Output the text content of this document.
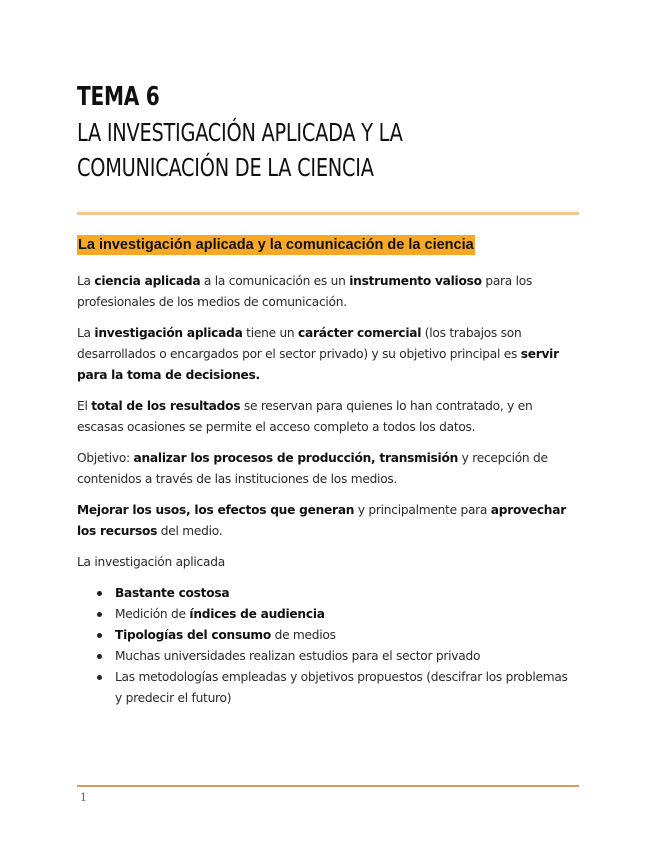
TEMA 6
LA INVESTIGACIÓN APLICADA Y LA
COMUNICACIÓN DE LA CIENCIA
La investigación aplicada y la comunicación de la ciencia

La ciencia aplicada a la comunicación es un instrumento valioso para los profesionales de los medios de comunicación.

La investigación aplicada tiene un carácter comercial (los trabajos son desarrollados o encargados por el sector privado) y su objetivo principal es servir para la toma de decisiones.

El total de los resultados se reservan para quienes lo han contratado, y en escasas ocasiones se permite el acceso completo a todos los datos.

Objetivo: analizar los procesos de producción, transmisión y recepción de contenidos a través de las instituciones de los medios.

Mejorar los usos, los efectos que generan y principalmente para aprovechar los recursos del medio.

La investigación aplicada

Bastante costosa
Medición de índices de audiencia
Tipologías del consumo de medios
Muchas universidades realizan estudios para el sector privado
Las metodologías empleadas y objetivos propuestos (descifrar los problemas y predecir el futuro)
1
